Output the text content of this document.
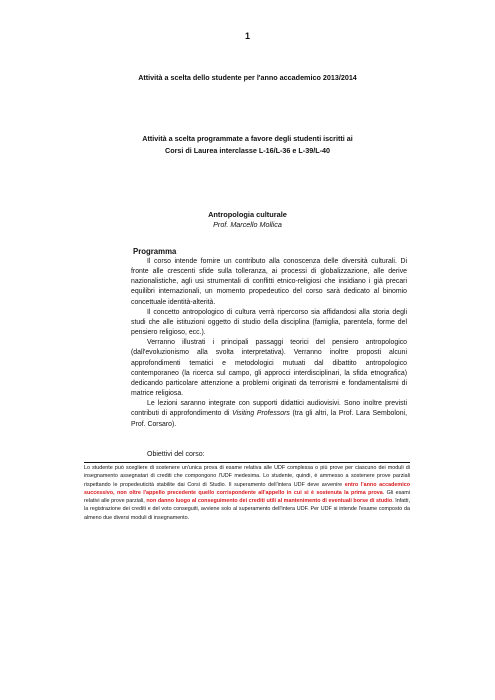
1
Attività a scelta dello studente per l'anno accademico 2013/2014
Attività a scelta programmate a favore degli studenti iscritti ai
Corsi di Laurea interclasse L-16/L-36 e L-39/L-40
Antropologia culturale
Prof. Marcello Mollica
Programma

Il corso intende fornire un contributo alla conoscenza delle diversità culturali. Di fronte alle crescenti sfide sulla tolleranza, ai processi di globalizzazione, alle derive nazionalistiche, agli usi strumentali di conflitti etnico-religiosi che insidiano i già precari equilibri internazionali, un momento propedeutico del corso sarà dedicato al binomio concettuale identità-alterità.

Il concetto antropologico di cultura verrà ripercorso sia affidandosi alla storia degli studi che alle istituzioni oggetto di studio della disciplina (famiglia, parentela, forme del pensiero religioso, ecc.).

Verranno illustrati i principali passaggi teorici del pensiero antropologico (dall'evoluzionismo alla svolta interpretativa). Verranno inoltre proposti alcuni approfondimenti tematici e metodologici mutuati dal dibattito antropologico contemporaneo (la ricerca sul campo, gli approcci interdisciplinari, la sfida etnografica) dedicando particolare attenzione a problemi originati da terrorismi e fondamentalismi di matrice religiosa.

Le lezioni saranno integrate con supporti didattici audiovisivi. Sono inoltre previsti contributi di approfondimento di Visiting Professors (tra gli altri, la Prof. Lara Semboloni, Prof. Corsaro).

Obiettivi del corso:
Lo studente può scegliere di sostenere un'unica prova di esame relativa alle UDF complessa o più prove per ciascuno dei moduli di insegnamento assegnatari di crediti che compongono l'UDF medesima. Lo studente, quindi, è ammesso a sostenere prove parziali rispettando le propedeuticità stabilite dai Corsi di Studio. Il superamento dell'intera UDF deve avvenire entro l'anno accademico successivo, non oltre l'appello precedente quello corrispondente all'appello in cui si è sostenuta la prima prova. Gli esami relativi alle prove parziali, non danno luogo al conseguimento dei crediti utili al mantenimento di eventuali borse di studio. Infatti, la registrazione dei crediti e del voto conseguiti, avviene solo al superamento dell'intera UDF. Per UDF si intende l'esame composto da almeno due diversi moduli di insegnamento.
